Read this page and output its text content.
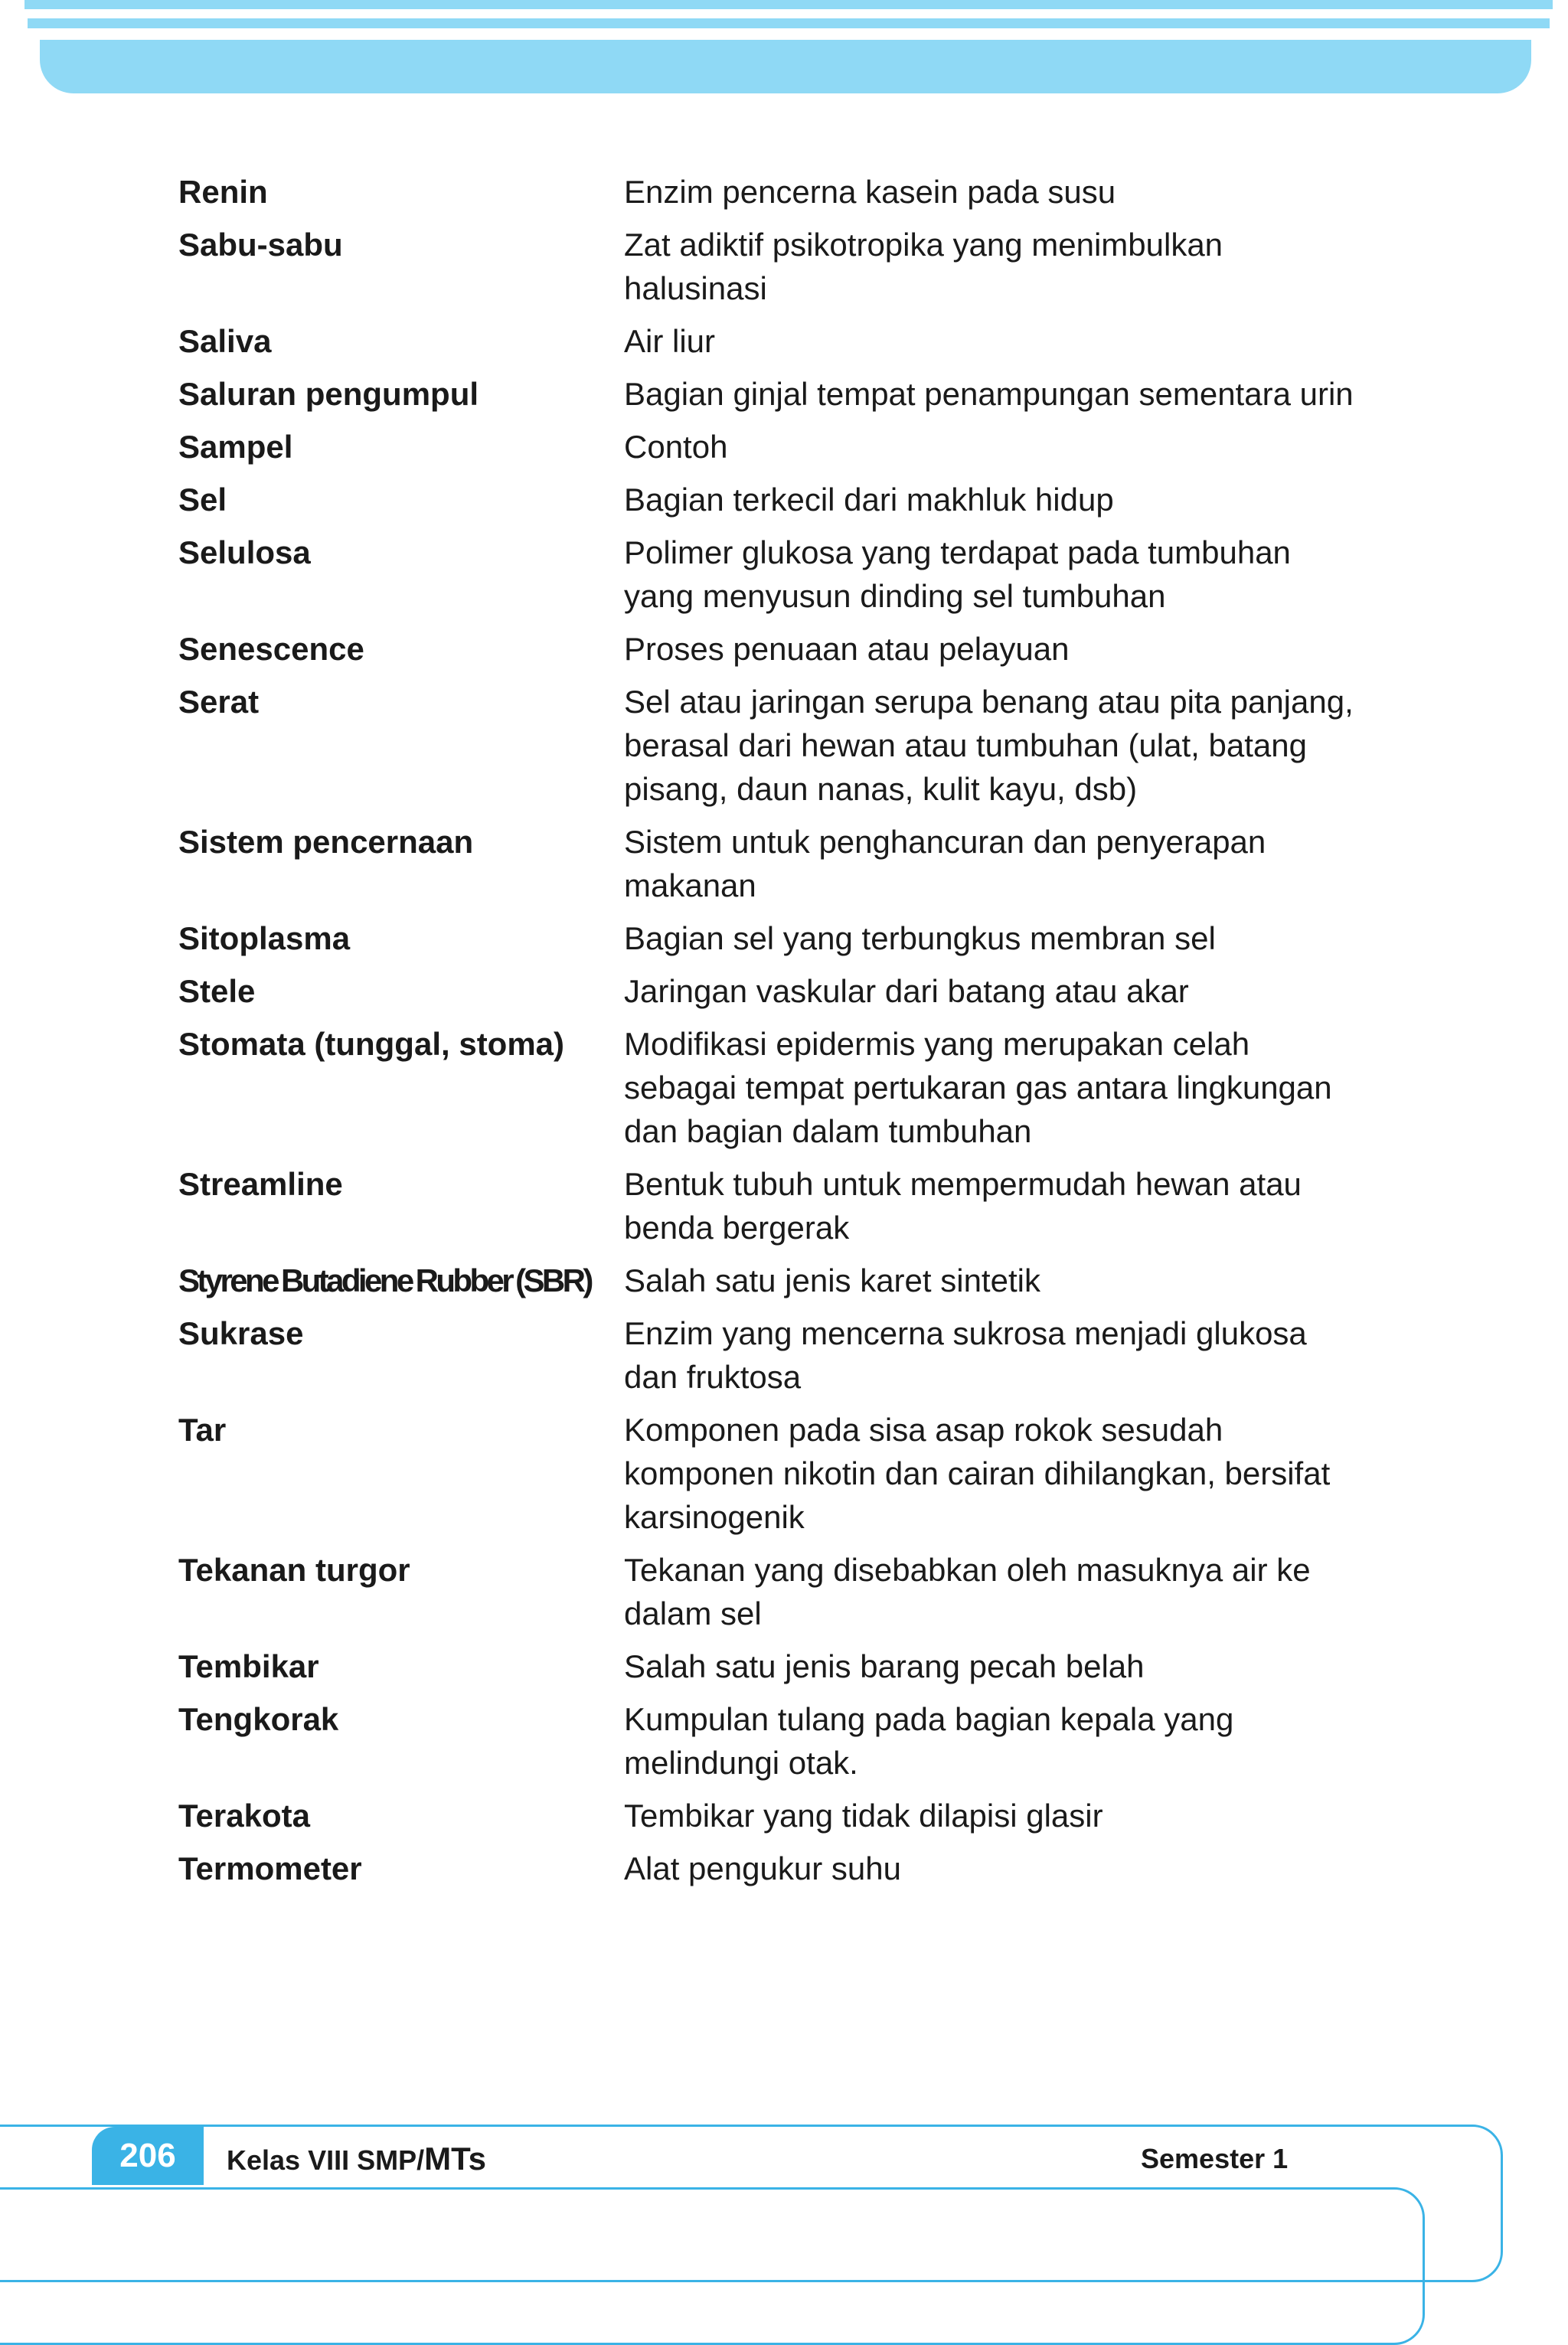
Renin	Enzim pencerna kasein pada susu
Sabu-sabu	Zat adiktif psikotropika yang menimbulkan halusinasi
Saliva	Air liur
Saluran pengumpul	Bagian ginjal tempat penampungan sementara urin
Sampel	Contoh
Sel	Bagian terkecil dari makhluk hidup
Selulosa	Polimer glukosa yang terdapat pada tumbuhan yang menyusun dinding sel tumbuhan
Senescence	Proses penuaan atau pelayuan
Serat	Sel atau jaringan serupa benang atau pita panjang, berasal dari hewan atau tumbuhan (ulat, batang pisang, daun nanas, kulit kayu, dsb)
Sistem pencernaan	Sistem untuk penghancuran dan penyerapan makanan
Sitoplasma	Bagian sel yang terbungkus membran sel
Stele	Jaringan vaskular dari batang atau akar
Stomata (tunggal, stoma)	Modifikasi epidermis yang merupakan celah sebagai tempat pertukaran gas antara lingkungan dan bagian dalam tumbuhan
Streamline	Bentuk tubuh untuk mempermudah hewan atau benda bergerak
Styrene Butadiene Rubber (SBR)	Salah satu jenis karet sintetik
Sukrase	Enzim yang mencerna sukrosa menjadi glukosa dan fruktosa
Tar	Komponen pada sisa asap rokok sesudah komponen nikotin dan cairan dihilangkan, bersifat karsinogenik
Tekanan turgor	Tekanan yang disebabkan oleh masuknya air ke dalam sel
Tembikar	Salah satu jenis barang pecah belah
Tengkorak	Kumpulan tulang pada bagian kepala yang melindungi otak.
Terakota	Tembikar yang tidak dilapisi glasir
Termometer	Alat pengukur suhu
206	Kelas VIII SMP/MTs	Semester 1
